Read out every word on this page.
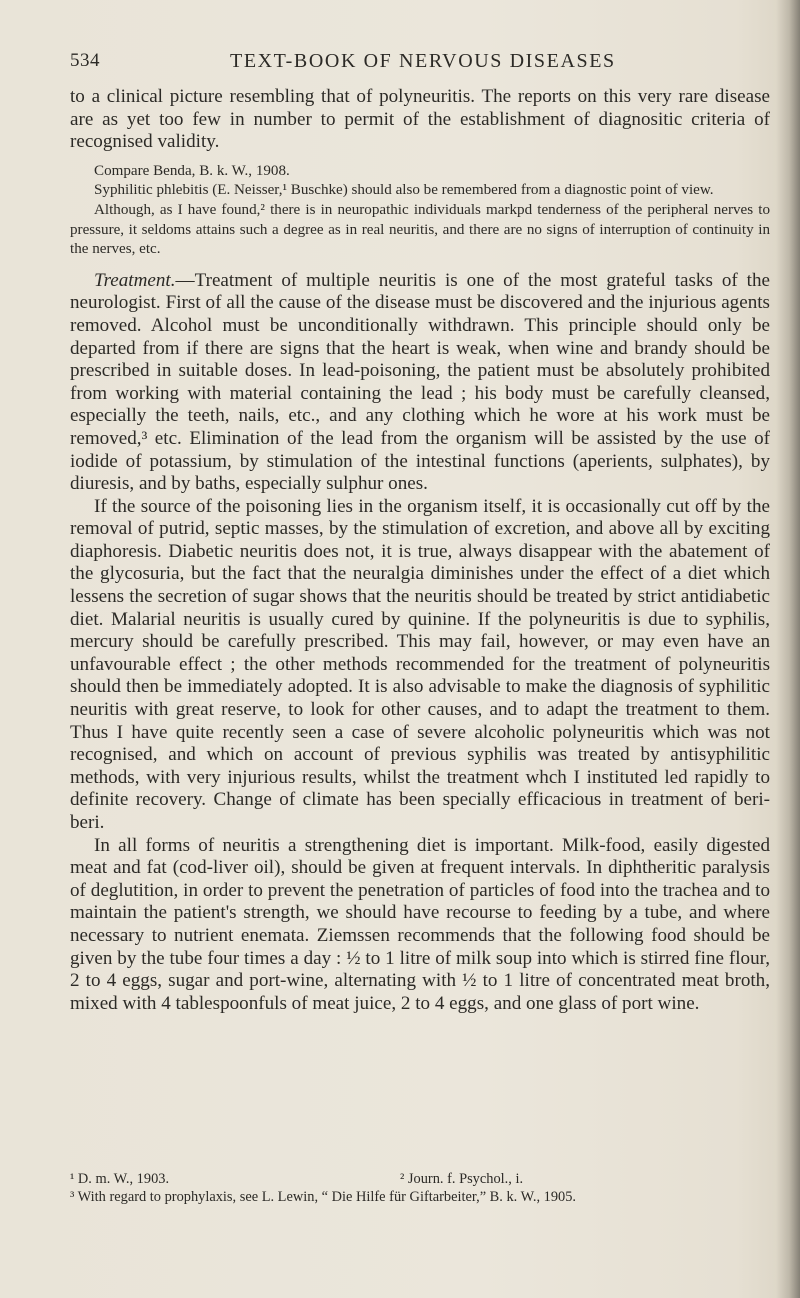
534	TEXT-BOOK OF NERVOUS DISEASES

to a clinical picture resembling that of polyneuritis. The reports on this very rare disease are as yet too few in number to permit of the establishment of diagnositic criteria of recognised validity.

Compare Benda, B. k. W., 1908.

Syphilitic phlebitis (E. Neisser,¹ Buschke) should also be remembered from a diagnostic point of view.

Although, as I have found,² there is in neuropathic individuals markpd tenderness of the peripheral nerves to pressure, it seldoms attains such a degree as in real neuritis, and there are no signs of interruption of continuity in the nerves, etc.

Treatment.—Treatment of multiple neuritis is one of the most grateful tasks of the neurologist. First of all the cause of the disease must be discovered and the injurious agents removed. Alcohol must be unconditionally withdrawn. This principle should only be departed from if there are signs that the heart is weak, when wine and brandy should be prescribed in suitable doses. In lead-poisoning, the patient must be absolutely prohibited from working with material containing the lead ; his body must be carefully cleansed, especially the teeth, nails, etc., and any clothing which he wore at his work must be removed,³ etc. Elimination of the lead from the organism will be assisted by the use of iodide of potassium, by stimulation of the intestinal functions (aperients, sulphates), by diuresis, and by baths, especially sulphur ones.

If the source of the poisoning lies in the organism itself, it is occasionally cut off by the removal of putrid, septic masses, by the stimulation of excretion, and above all by exciting diaphoresis. Diabetic neuritis does not, it is true, always disappear with the abatement of the glycosuria, but the fact that the neuralgia diminishes under the effect of a diet which lessens the secretion of sugar shows that the neuritis should be treated by strict antidiabetic diet. Malarial neuritis is usually cured by quinine. If the polyneuritis is due to syphilis, mercury should be carefully prescribed. This may fail, however, or may even have an unfavourable effect ; the other methods recommended for the treatment of polyneuritis should then be immediately adopted. It is also advisable to make the diagnosis of syphilitic neuritis with great reserve, to look for other causes, and to adapt the treatment to them. Thus I have quite recently seen a case of severe alcoholic polyneuritis which was not recognised, and which on account of previous syphilis was treated by antisyphilitic methods, with very injurious results, whilst the treatment whch I instituted led rapidly to definite recovery. Change of climate has been specially efficacious in treatment of beri-beri.

In all forms of neuritis a strengthening diet is important. Milk-food, easily digested meat and fat (cod-liver oil), should be given at frequent intervals. In diphtheritic paralysis of deglutition, in order to prevent the penetration of particles of food into the trachea and to maintain the patient's strength, we should have recourse to feeding by a tube, and where necessary to nutrient enemata. Ziemssen recommends that the following food should be given by the tube four times a day : ½ to 1 litre of milk soup into which is stirred fine flour, 2 to 4 eggs, sugar and port-wine, alternating with ½ to 1 litre of concentrated meat broth, mixed with 4 tablespoonfuls of meat juice, 2 to 4 eggs, and one glass of port wine.

¹ D. m. W., 1903.	² Journ. f. Psychol., i.
³ With regard to prophylaxis, see L. Lewin, “ Die Hilfe für Giftarbeiter,” B. k. W., 1905.
